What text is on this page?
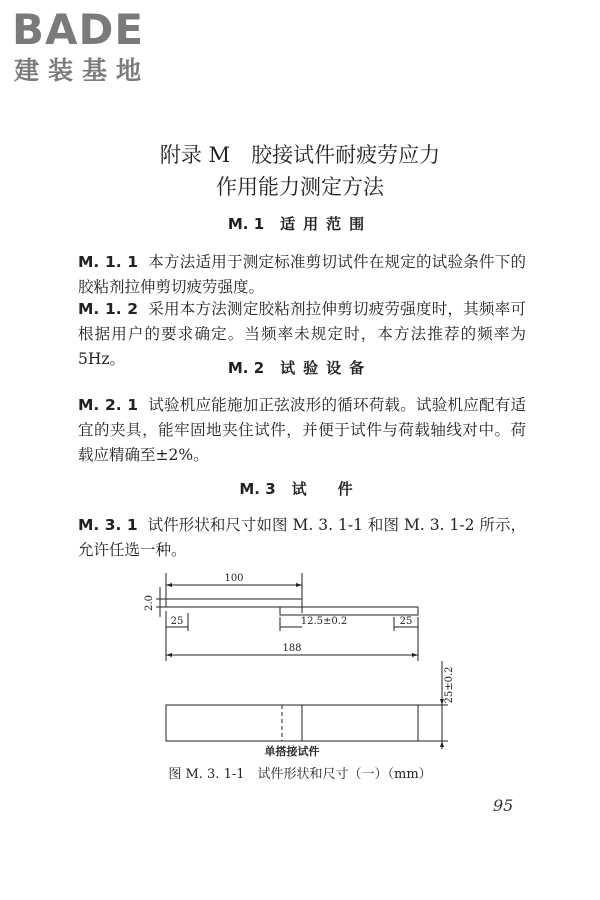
BADE
建装基地
附录 M　胶接试件耐疲劳应力
作用能力测定方法
M. 1 适用范围
M. 1. 1 本方法适用于测定标准剪切试件在规定的试验条件下的胶粘剂拉伸剪切疲劳强度。
M. 1. 2 采用本方法测定胶粘剂拉伸剪切疲劳强度时，其频率可根据用户的要求确定。当频率未规定时，本方法推荐的频率为 5Hz。	M. 2 试验设备
M. 2. 1 试验机应能施加正弦波形的循环荷载。试验机应配有适宜的夹具，能牢固地夹住试件，并便于试件与荷载轴线对中。荷载应精确至±2%。
M. 3 试　件
M. 3. 1 试件形状和尺寸如图 M. 3. 1-1 和图 M. 3. 1-2 所示，允许任选一种。
100
2.0
25	12.5±0.2	25
188
25±0.2
单搭接试件
图 M. 3. 1-1　试件形状和尺寸（一）（mm）
95
